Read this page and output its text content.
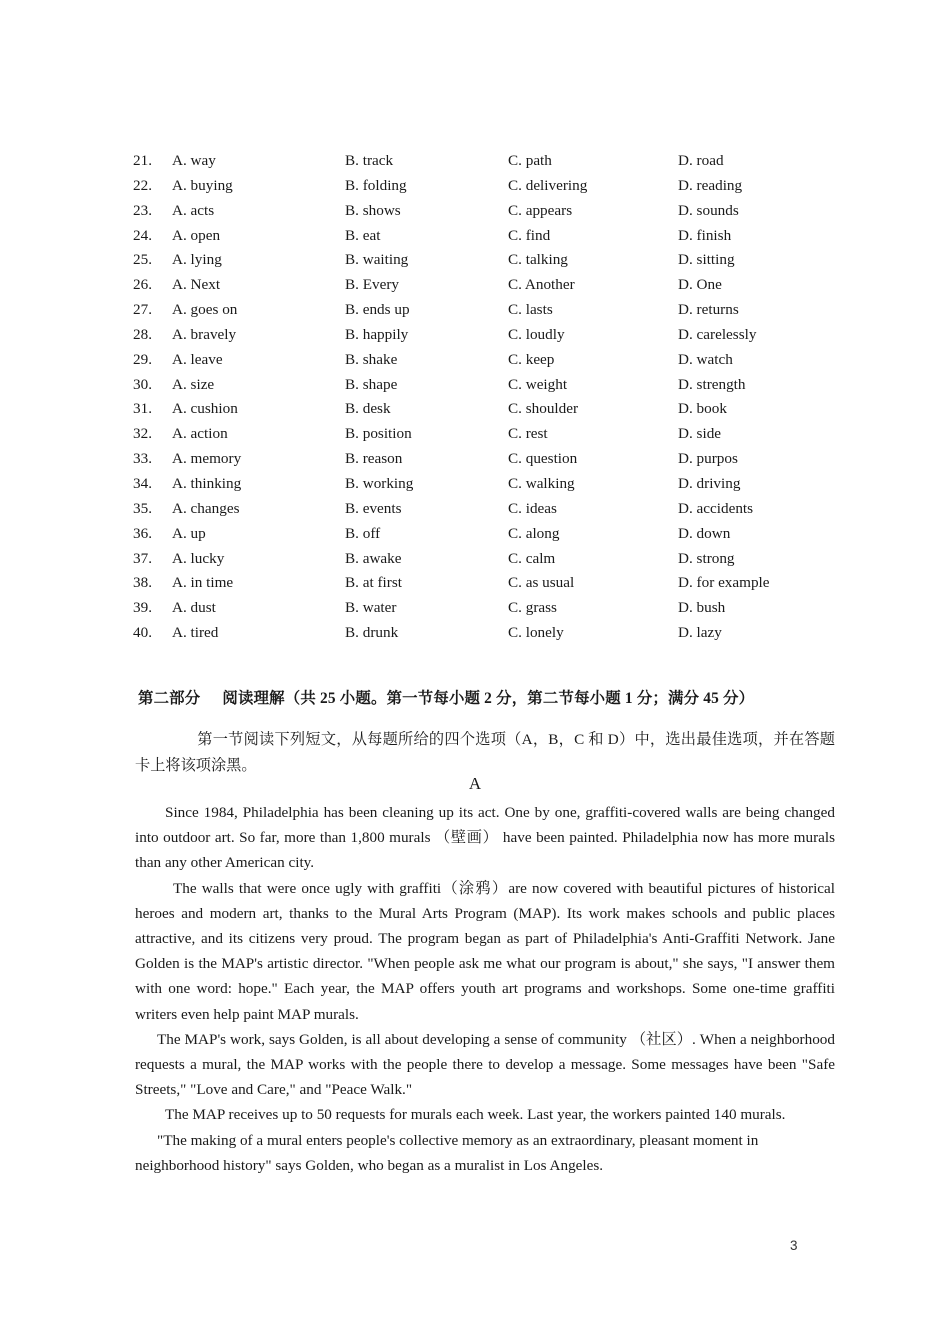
21.	A. way	B. track	C. path	D. road
22.	A. buying	B. folding	C. delivering	D. reading
23.	A. acts	B. shows	C. appears	D. sounds
24.	A. open	B. eat	C. find	D. finish
25.	A. lying	B. waiting	C. talking	D. sitting
26.	A. Next	B. Every	C. Another	D. One
27.	A. goes on	B. ends up	C. lasts	D. returns
28.	A. bravely	B. happily	C. loudly	D. carelessly
29.	A. leave	B. shake	C. keep	D. watch
30.	A. size	B. shape	C. weight	D. strength
31.	A. cushion	B. desk	C. shoulder	D. book
32.	A. action	B. position	C. rest	D. side
33.	A. memory	B. reason	C. question	D. purpos
34.	A. thinking	B. working	C. walking	D. driving
35.	A. changes	B. events	C. ideas	D. accidents
36.	A. up	B. off	C. along	D. down
37.	A. lucky	B. awake	C. calm	D. strong
38.	A. in time	B. at first	C. as usual	D. for example
39.	A. dust	B. water	C. grass	D. bush
40.	A. tired	B. drunk	C. lonely	D. lazy
第二部分 阅读理解（共 25 小题。第一节每小题 2 分，第二节每小题 1 分；满分 45 分）
第一节阅读下列短文，从每题所给的四个选项（A，B，C 和 D）中，选出最佳选项，并在答题卡上将该项涂黑。
A

Since 1984, Philadelphia has been cleaning up its act. One by one, graffiti-covered walls are being changed into outdoor art. So far, more than 1,800 murals （壁画） have been painted. Philadelphia now has more murals than any other American city.

The walls that were once ugly with graffiti（涂鸦）are now covered with beautiful pictures of historical heroes and modern art, thanks to the Mural Arts Program (MAP). Its work makes schools and public places attractive, and its citizens very proud. The program began as part of Philadelphia's Anti-Graffiti Network. Jane Golden is the MAP's artistic director. "When people ask me what our program is about," she says, "I answer them with one word: hope." Each year, the MAP offers youth art programs and workshops. Some one-time graffiti writers even help paint MAP murals.

The MAP's work, says Golden, is all about developing a sense of community （社区）. When a neighborhood requests a mural, the MAP works with the people there to develop a message. Some messages have been "Safe Streets," "Love and Care," and "Peace Walk."

The MAP receives up to 50 requests for murals each week. Last year, the workers painted 140 murals.

"The making of a mural enters people's collective memory as an extraordinary, pleasant moment in neighborhood history" says Golden, who began as a muralist in Los Angeles.

3
